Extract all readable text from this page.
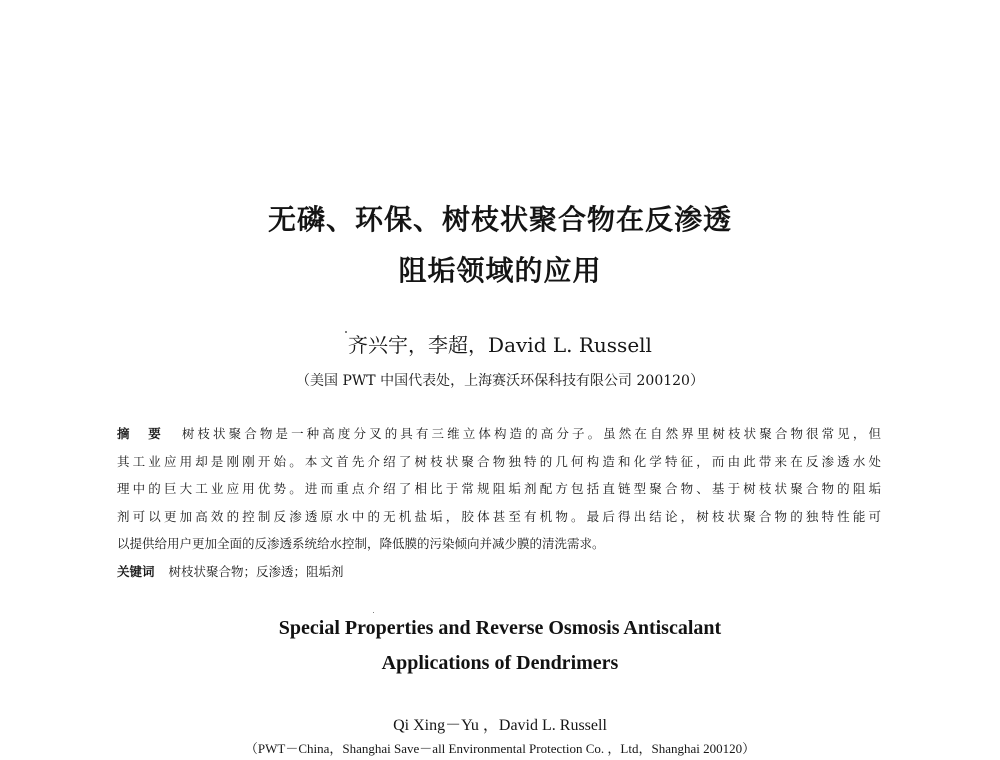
无磷、环保、树枝状聚合物在反渗透
阻垢领域的应用
齐兴宇，李超，David L. Russell
（美国 PWT 中国代表处，上海赛沃环保科技有限公司 200120）
摘　要 树枝状聚合物是一种高度分叉的具有三维立体构造的高分子。虽然在自然界里树枝状聚合物很常见，但
其工业应用却是刚刚开始。本文首先介绍了树枝状聚合物独特的几何构造和化学特征，而由此带来在反渗透水处
理中的巨大工业应用优势。进而重点介绍了相比于常规阻垢剂配方包括直链型聚合物、基于树枝状聚合物的阻垢
剂可以更加高效的控制反渗透原水中的无机盐垢，胶体甚至有机物。最后得出结论，树枝状聚合物的独特性能可
以提供给用户更加全面的反渗透系统给水控制，降低膜的污染倾向并减少膜的清洗需求。
关键词 树枝状聚合物；反渗透；阻垢剂
Special Properties and Reverse Osmosis Antiscalant
Applications of Dendrimers
Qi Xing－Yu ，David L. Russell
（PWT－China，Shanghai Save－all Environmental Protection Co. ，Ltd，Shanghai 200120）
